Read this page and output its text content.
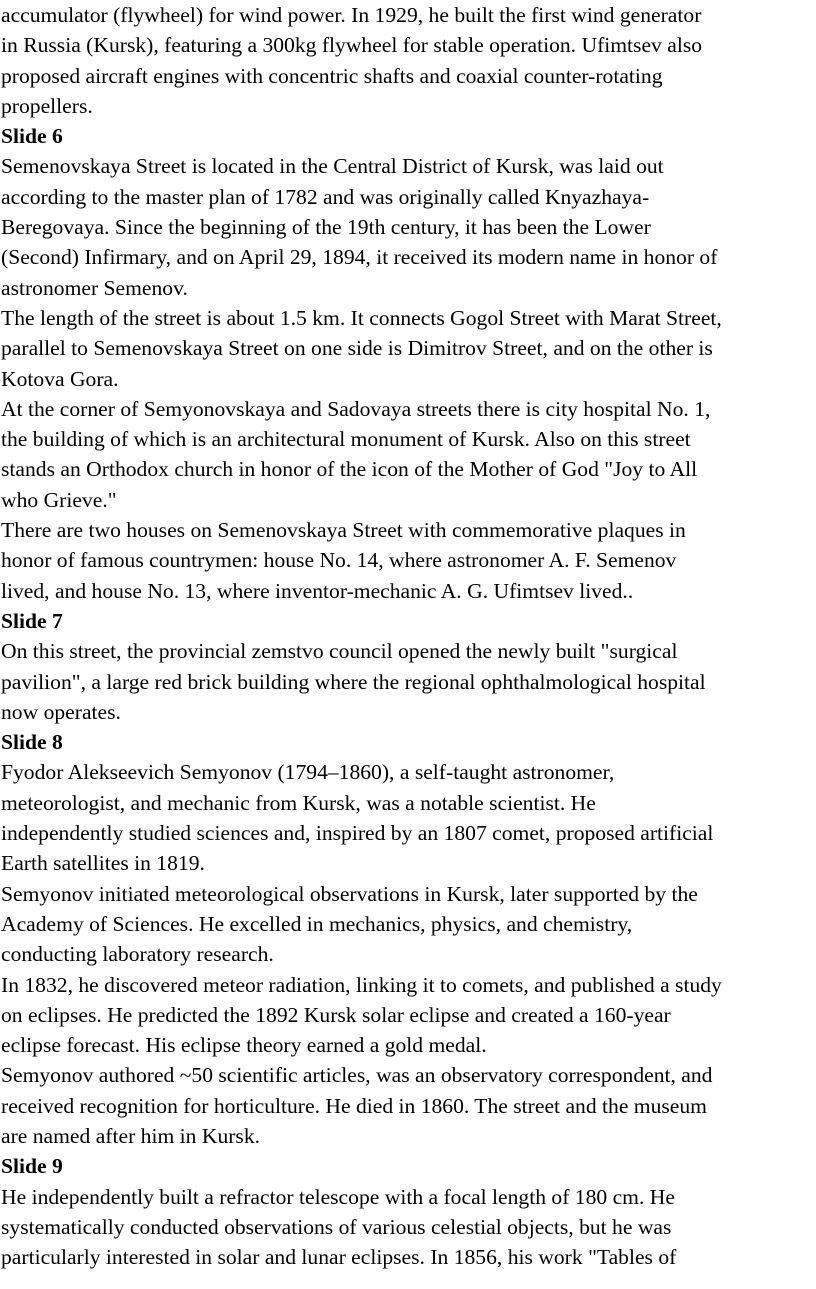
accumulator (flywheel) for wind power. In 1929, he built the first wind generator
in Russia (Kursk), featuring a 300kg flywheel for stable operation. Ufimtsev also
proposed aircraft engines with concentric shafts and coaxial counter-rotating
propellers.
Slide 6
Semenovskaya Street is located in the Central District of Kursk, was laid out
according to the master plan of 1782 and was originally called Knyazhaya-
Beregovaya. Since the beginning of the 19th century, it has been the Lower
(Second) Infirmary, and on April 29, 1894, it received its modern name in honor of
astronomer Semenov.
The length of the street is about 1.5 km. It connects Gogol Street with Marat Street,
parallel to Semenovskaya Street on one side is Dimitrov Street, and on the other is
Kotova Gora.
At the corner of Semyonovskaya and Sadovaya streets there is city hospital No. 1,
the building of which is an architectural monument of Kursk. Also on this street
stands an Orthodox church in honor of the icon of the Mother of God "Joy to All
who Grieve."
There are two houses on Semenovskaya Street with commemorative plaques in
honor of famous countrymen: house No. 14, where astronomer A. F. Semenov
lived, and house No. 13, where inventor-mechanic A. G. Ufimtsev lived..
Slide 7
On this street, the provincial zemstvo council opened the newly built "surgical
pavilion", a large red brick building where the regional ophthalmological hospital
now operates.
Slide 8
Fyodor Alekseevich Semyonov (1794–1860), a self-taught astronomer,
meteorologist, and mechanic from Kursk, was a notable scientist. He
independently studied sciences and, inspired by an 1807 comet, proposed artificial
Earth satellites in 1819.
Semyonov initiated meteorological observations in Kursk, later supported by the
Academy of Sciences. He excelled in mechanics, physics, and chemistry,
conducting laboratory research.
In 1832, he discovered meteor radiation, linking it to comets, and published a study
on eclipses. He predicted the 1892 Kursk solar eclipse and created a 160-year
eclipse forecast. His eclipse theory earned a gold medal.
Semyonov authored ~50 scientific articles, was an observatory correspondent, and
received recognition for horticulture. He died in 1860. The street and the museum
are named after him in Kursk.
Slide 9
He independently built a refractor telescope with a focal length of 180 cm. He
systematically conducted observations of various celestial objects, but he was
particularly interested in solar and lunar eclipses. In 1856, his work "Tables of
